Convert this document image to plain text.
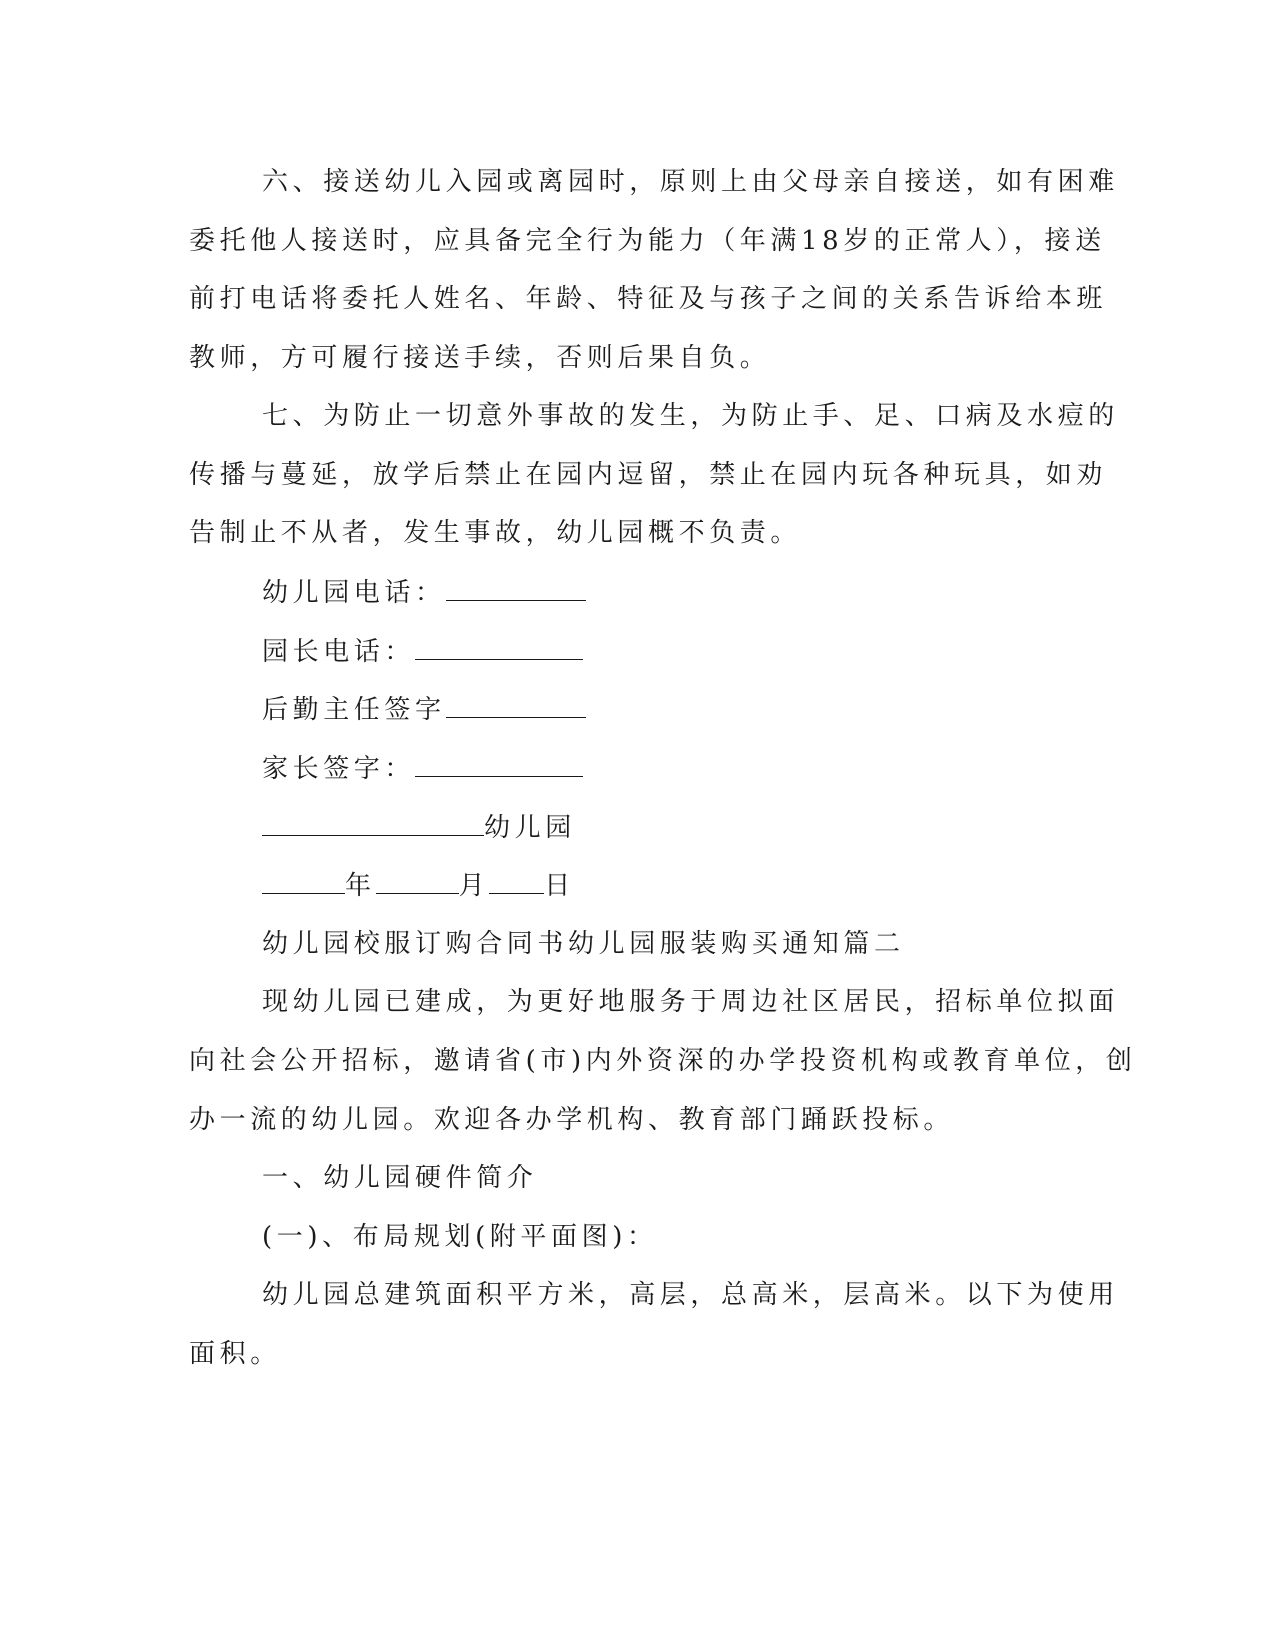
六、接送幼儿入园或离园时，原则上由父母亲自接送，如有困难
委托他人接送时，应具备完全行为能力（年满18岁的正常人），接送
前打电话将委托人姓名、年龄、特征及与孩子之间的关系告诉给本班
教师，方可履行接送手续，否则后果自负。
七、为防止一切意外事故的发生，为防止手、足、口病及水痘的
传播与蔓延，放学后禁止在园内逗留，禁止在园内玩各种玩具，如劝
告制止不从者，发生事故，幼儿园概不负责。
幼儿园电话：
园长电话：
后勤主任签字
家长签字：
幼儿园
年	月 日
幼儿园校服订购合同书幼儿园服装购买通知篇二
现幼儿园已建成，为更好地服务于周边社区居民，招标单位拟面
向社会公开招标，邀请省(市)内外资深的办学投资机构或教育单位，创
办一流的幼儿园。欢迎各办学机构、教育部门踊跃投标。
一、幼儿园硬件简介
(一)、布局规划(附平面图)：
幼儿园总建筑面积平方米，高层，总高米，层高米。以下为使用
面积。
